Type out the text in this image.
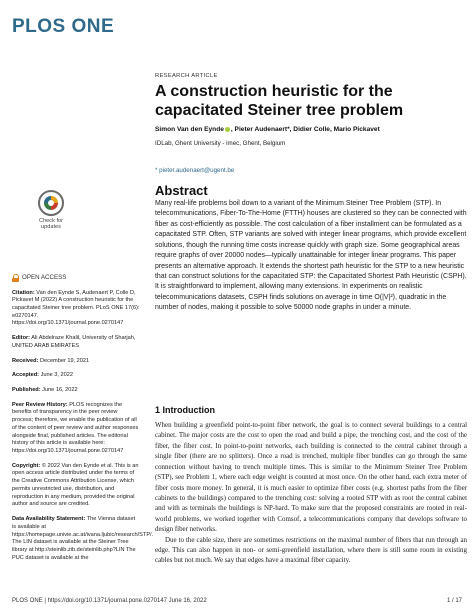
PLOS ONE
Check for updates
OPEN ACCESS
Citation: Van den Eynde S, Audenaert P, Colle D, Pickavet M (2022) A construction heuristic for the capacitated Steiner tree problem. PLoS ONE 17(6): e0270147. https://doi.org/10.1371/journal.pone.0270147
Editor: Ali Abdelraze Khalil, University of Sharjah, UNITED ARAB EMIRATES
Received: December 19, 2021
Accepted: June 3, 2022
Published: June 16, 2022
Peer Review History: PLOS recognizes the benefits of transparency in the peer review process; therefore, we enable the publication of all of the content of peer review and author responses alongside final, published articles. The editorial history of this article is available here: https://doi.org/10.1371/journal.pone.0270147
Copyright: © 2022 Van den Eynde et al. This is an open access article distributed under the terms of the Creative Commons Attribution License, which permits unrestricted use, distribution, and reproduction in any medium, provided the original author and source are credited.
Data Availability Statement: The Vienna dataset is available at https://homepage.univie.ac.at/ivana.ljubic/research/STP/. The LIN dataset is available at the Steiner Tree library at http://steinlib.zib.de/steinlib.php?LIN The PUC dataset is available at the
RESEARCH ARTICLE
A construction heuristic for the capacitated Steiner tree problem
Simon Van den Eynde , Pieter Audenaert*, Didier Colle, Mario Pickavet
IDLab, Ghent University - imec, Ghent, Belgium
* pieter.audenaert@ugent.be
Abstract

Many real-life problems boil down to a variant of the Minimum Steiner Tree Problem (STP). In telecommunications, Fiber-To-The-Home (FTTH) houses are clustered so they can be connected with fiber as cost-efficiently as possible. The cost calculation of a fiber installment can be formulated as a capacitated STP. Often, STP variants are solved with integer linear programs, which provide excellent solutions, though the running time costs increase quickly with graph size. Some geographical areas require graphs of over 20000 nodes—typically unattainable for integer linear programs. This paper presents an alternative approach. It extends the shortest path heuristic for the STP to a new heuristic that can construct solutions for the capacitated STP: the Capacitated Shortest Path Heuristic (CSPH). It is straightforward to implement, allowing many extensions. In experiments on realistic telecommunications datasets, CSPH finds solutions on average in time O(|V|²), quadratic in the number of nodes, making it possible to solve 50000 node graphs in under a minute.

1 Introduction

When building a greenfield point-to-point fiber network, the goal is to connect several buildings to a central cabinet. The major costs are the cost to open the road and build a pipe, the trenching cost, and the cost of the fiber, the fiber cost. In point-to-point networks, each building is connected to the central cabinet through a single fiber (there are no splitters). Once a road is trenched, multiple fiber bundles can go through the same connection without having to trench multiple times. This is similar to the Minimum Steiner Tree Problem (STP), see Problem 1, where each edge weight is counted at most once. On the other hand, each extra meter of fiber costs more money. In general, it is much easier to optimize fiber costs (e.g. shortest paths from the fiber cabinets to the buildings) compared to the trenching cost: solving a rooted STP with as root the central cabinet and with as terminals the buildings is NP-hard. To make sure that the proposed constraints are rooted in real-world problems, we worked together with Comsof, a telecommunications company that develops software to design fiber networks.

Due to the cable size, there are sometimes restrictions on the maximal number of fibers that run through an edge. This can also happen in non- or semi-greenfield installation, where there is still some room in existing cables but not much. We say that edges have a maximal fiber capacity.

PLOS ONE | https://doi.org/10.1371/journal.pone.0270147 June 16, 2022	1 / 17
